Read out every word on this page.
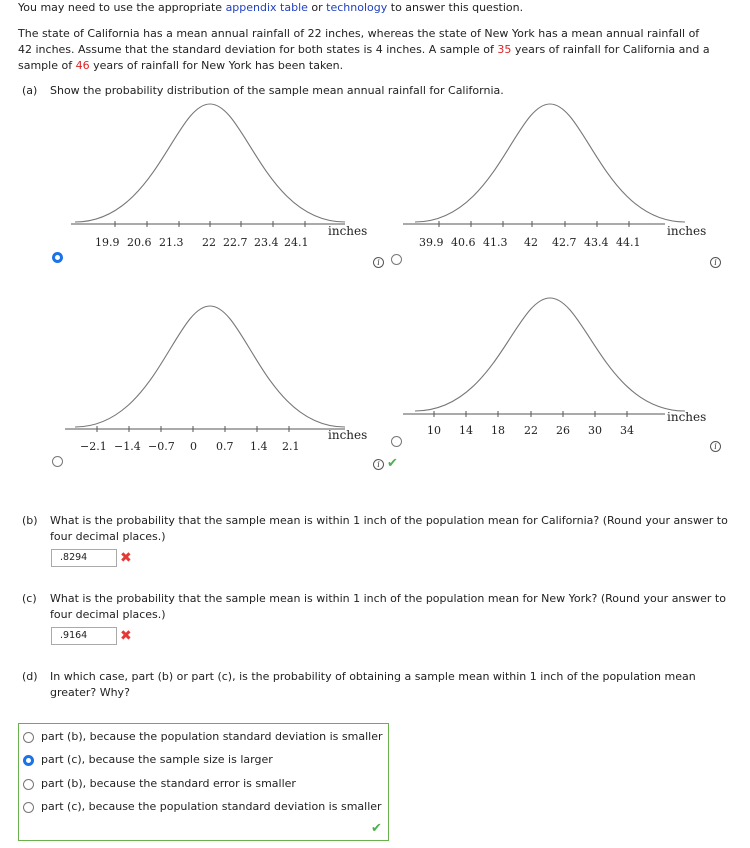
You may need to use the appropriate appendix table or technology to answer this question.
The state of California has a mean annual rainfall of 22 inches, whereas the state of New York has a mean annual rainfall of
42 inches. Assume that the standard deviation for both states is 4 inches. A sample of 35 years of rainfall for California and a
sample of 46 years of rainfall for New York has been taken.
(a) Show the probability distribution of the sample mean annual rainfall for California.
19.9 20.6 21.3 22 22.7 23.4 24.1
inches
i
39.9 40.6 41.3 42 42.7 43.4 44.1
inches
i
−2.1 −1.4 −0.7 0 0.7 1.4 2.1
inches
i ✔
10 14 18 22 26 30 34
inches
i
(b) What is the probability that the sample mean is within 1 inch of the population mean for California? (Round your answer to
four decimal places.)
.8294	✖
(c) What is the probability that the sample mean is within 1 inch of the population mean for New York? (Round your answer to
four decimal places.)
.9164	✖
(d) In which case, part (b) or part (c), is the probability of obtaining a sample mean within 1 inch of the population mean
greater? Why?
part (b), because the population standard deviation is smaller
part (c), because the sample size is larger
part (b), because the standard error is smaller
part (c), because the population standard deviation is smaller
✔
